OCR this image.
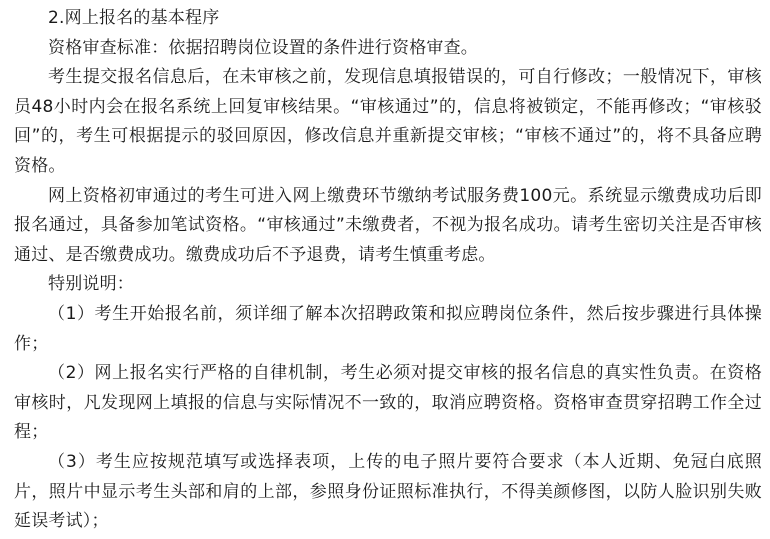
2.网上报名的基本程序

资格审查标准：依据招聘岗位设置的条件进行资格审查。

考生提交报名信息后，在未审核之前，发现信息填报错误的，可自行修改；一般情况下，审核员48小时内会在报名系统上回复审核结果。“审核通过”的，信息将被锁定，不能再修改；“审核驳回”的，考生可根据提示的驳回原因，修改信息并重新提交审核；“审核不通过”的，将不具备应聘资格。

网上资格初审通过的考生可进入网上缴费环节缴纳考试服务费100元。系统显示缴费成功后即报名通过，具备参加笔试资格。“审核通过”未缴费者，不视为报名成功。请考生密切关注是否审核通过、是否缴费成功。缴费成功后不予退费，请考生慎重考虑。

特别说明：

（1）考生开始报名前，须详细了解本次招聘政策和拟应聘岗位条件，然后按步骤进行具体操作；

（2）网上报名实行严格的自律机制，考生必须对提交审核的报名信息的真实性负责。在资格审核时，凡发现网上填报的信息与实际情况不一致的，取消应聘资格。资格审查贯穿招聘工作全过程；

（3）考生应按规范填写或选择表项，上传的电子照片要符合要求（本人近期、免冠白底照片，照片中显示考生头部和肩的上部，参照身份证照标准执行，不得美颜修图，以防人脸识别失败延误考试）；
